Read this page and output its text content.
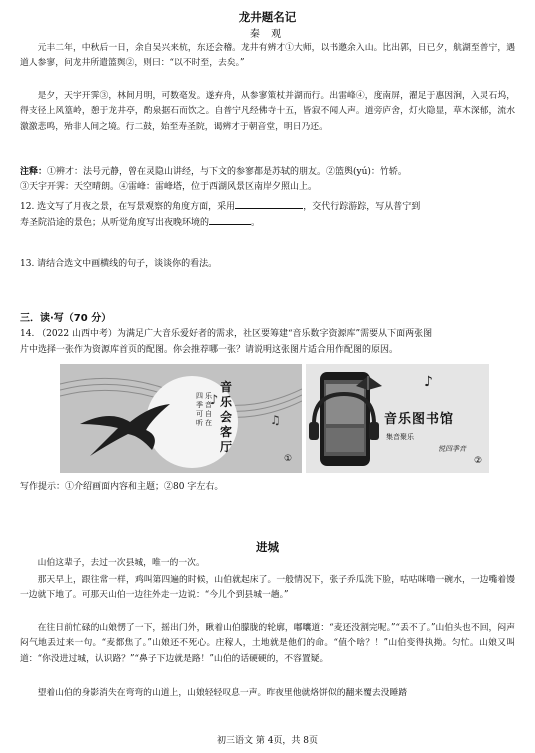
龙井题名记
秦 观
元丰二年，中秋后一日，余自吴兴来杭，东还会稽。龙井有辨才①大师，以书邀余入山。比出郭，日已夕，航湖至普宁，遇道人参寥，问龙井所遣篮舆②，则曰：“以不时至，去矣。”
是夕，天宇开霁③，林间月明，可数毫发。遂弃舟，从参寥策杖并湖而行。出雷峰④，度南屏，濯足于惠因涧，入灵石坞，得支径上风篁岭，憩于龙井亭，酌泉据石而饮之。自普宁凡经佛寺十五，皆寂不闻人声。道旁庐舍，灯火隐显，草木深郁，流水激激悲鸣，殆非人间之境。行二鼓，始至寿圣院，谒辨才于朝音堂，明日乃还。
注释：①辨才：法号元静，曾在灵隐山讲经，与下文的参寥都是苏轼的朋友。②篮舆(yú)：竹轿。
③天宇开霁：天空晴朗。④雷峰：雷峰塔，位于西湖风景区南岸夕照山上。
12. 选文写了月夜之景，在写景观察的角度方面，采用	，交代行踪游踪，写从普宁到
寿圣院沿途的景色；从听觉角度写出夜晚环境的	。
13. 请结合选文中画横线的句子，谈谈你的看法。
三．读·写（70 分）
14. （2022 山西中考）为满足广大音乐爱好者的需求，社区要筹建“音乐数字资源库”需要从下面两张图
片中选择一张作为资源库首页的配图。你会推荐哪一张？请说明这张图片适合用作配图的原因。
♪
♫
音乐会客厅
乐音自在
四季可听
①
♪
音乐图书馆
集音聚乐
悦四季音
②
写作提示：①介绍画面内容和主题；②80 字左右。
进城
山伯这辈子，去过一次县城，唯一的一次。
那天早上，跟往常一样，鸡叫第四遍的时候，山伯就起床了。一般情况下，张子乔瓜洗下脸，咕咕咪噜一碗水，一边嘴着馒一边就下地了。可那天山伯一边往外走一边说：“今儿个到县城一趟。”
在往日前忙碌的山娘愣了一下，摇出门外，瞅着山伯朦胧的轮廓，嘟囔道：“麦还没割完呢。”“丢不了。”山伯头也不回，闷声闷气地丢过来一句。“麦都焦了。”山娘还不死心。庄稼人，土地就是他们的命。“值个啥？！”山伯变得执拗。匀忙。山娘又叫道：“你没进过城，认识路？”“鼻子下边就是路！”山伯的话硬硬的，不容置疑。
望着山伯的身影消失在弯弯的山道上，山娘轻轻叹息一声。昨夜里他就烙饼似的翻来覆去没睡踏
初三语文 第 4页，共 8页
